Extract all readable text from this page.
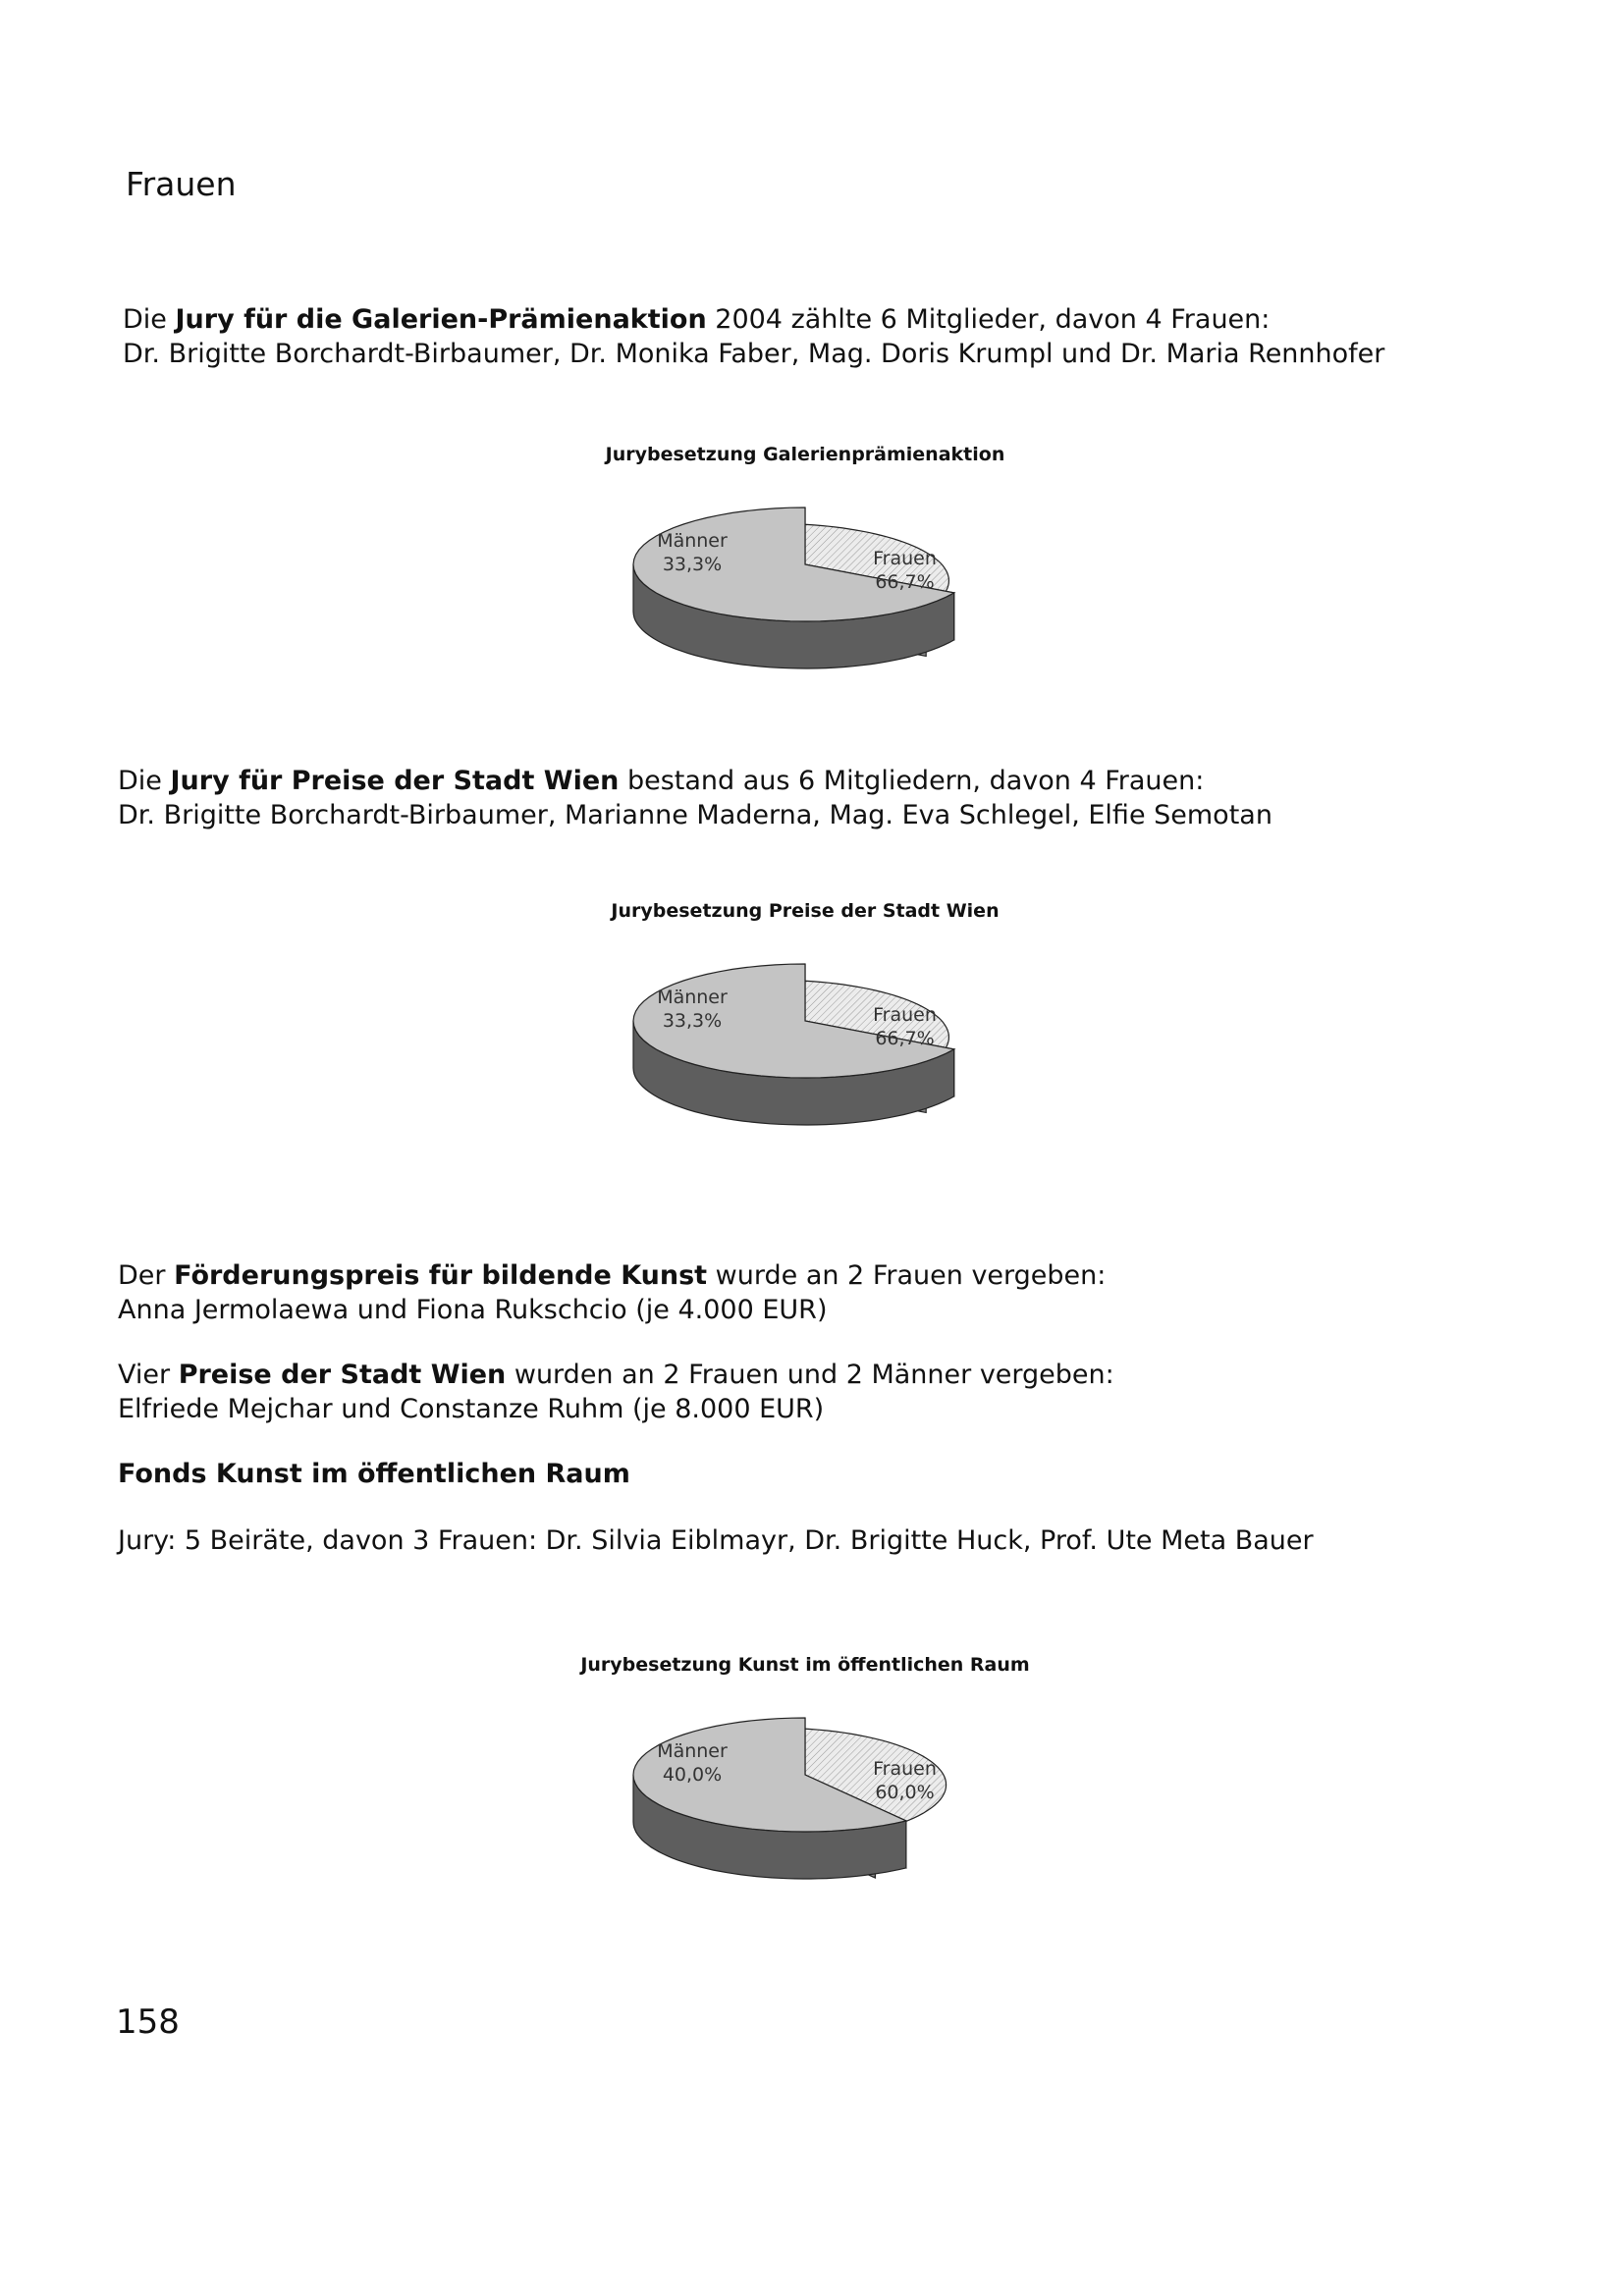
Frauen
Die Jury für die Galerien-Prämienaktion 2004 zählte 6 Mitglieder, davon 4 Frauen:
Dr. Brigitte Borchardt-Birbaumer, Dr. Monika Faber, Mag. Doris Krumpl und Dr. Maria Rennhofer
Jurybesetzung Galerienprämienaktion
Männer
33,3%	Frauen
66,7%
Die Jury für Preise der Stadt Wien bestand aus 6 Mitgliedern, davon 4 Frauen:
Dr. Brigitte Borchardt-Birbaumer, Marianne Maderna, Mag. Eva Schlegel, Elfie Semotan
Jurybesetzung Preise der Stadt Wien
Männer
33,3%	Frauen
66,7%
Der Förderungspreis für bildende Kunst wurde an 2 Frauen vergeben:
Anna Jermolaewa und Fiona Rukschcio (je 4.000 EUR)
Vier Preise der Stadt Wien wurden an 2 Frauen und 2 Männer vergeben:
Elfriede Mejchar und Constanze Ruhm (je 8.000 EUR)
Fonds Kunst im öffentlichen Raum
Jury: 5 Beiräte, davon 3 Frauen: Dr. Silvia Eiblmayr, Dr. Brigitte Huck, Prof. Ute Meta Bauer
Jurybesetzung Kunst im öffentlichen Raum
Männer
40,0%	Frauen
60,0%
158
